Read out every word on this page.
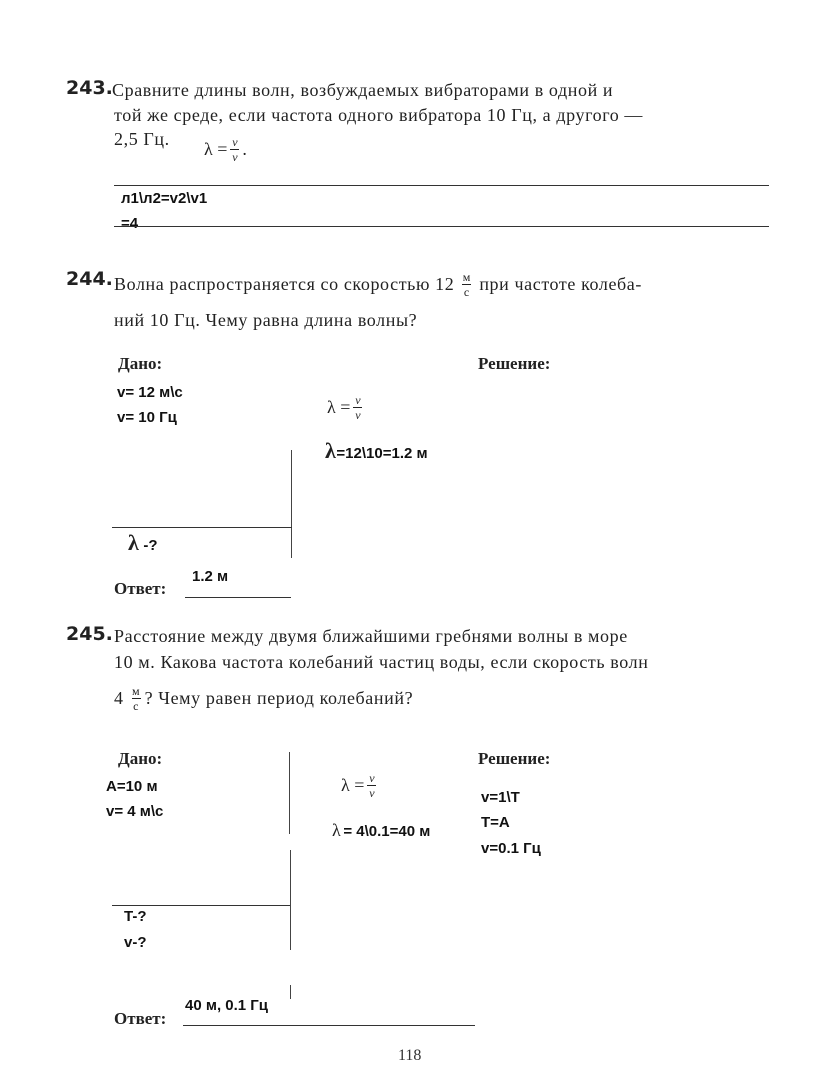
243. Сравните длины волн, возбуждаемых вибраторами в одной и
той же среде, если частота одного вибратора 10 Гц, а другого —
2,5 Гц. $\lambda = \frac{v}{\nu}$ .
л1\л2=v2\v1
=4
244. Волна распространяется со скоростью $12 \frac{м}{с}$ при частоте колеба-
ний 10 Гц. Чему равна длина волны?
Дано:	Решение:
v= 12 м\с
v= 10 Гц
$\lambda = \frac{v}{\nu}$
λ =12\10=1.2 м
λ -?
Ответ:
1.2 м
245. Расстояние между двумя ближайшими гребнями волны в море
10 м. Какова частота колебаний частиц воды, если скорость волн
$4 \frac{м}{с}$ ? Чему равен период колебаний?
Дано:	Решение:
A=10 м
v= 4 м\с
$\lambda = \frac{v}{\nu}$
λ = 4\0.1=40 м
v=1\T
T=A
v=0.1 Гц
T-?
v-?
Ответ:
40 м, 0.1 Гц
118
